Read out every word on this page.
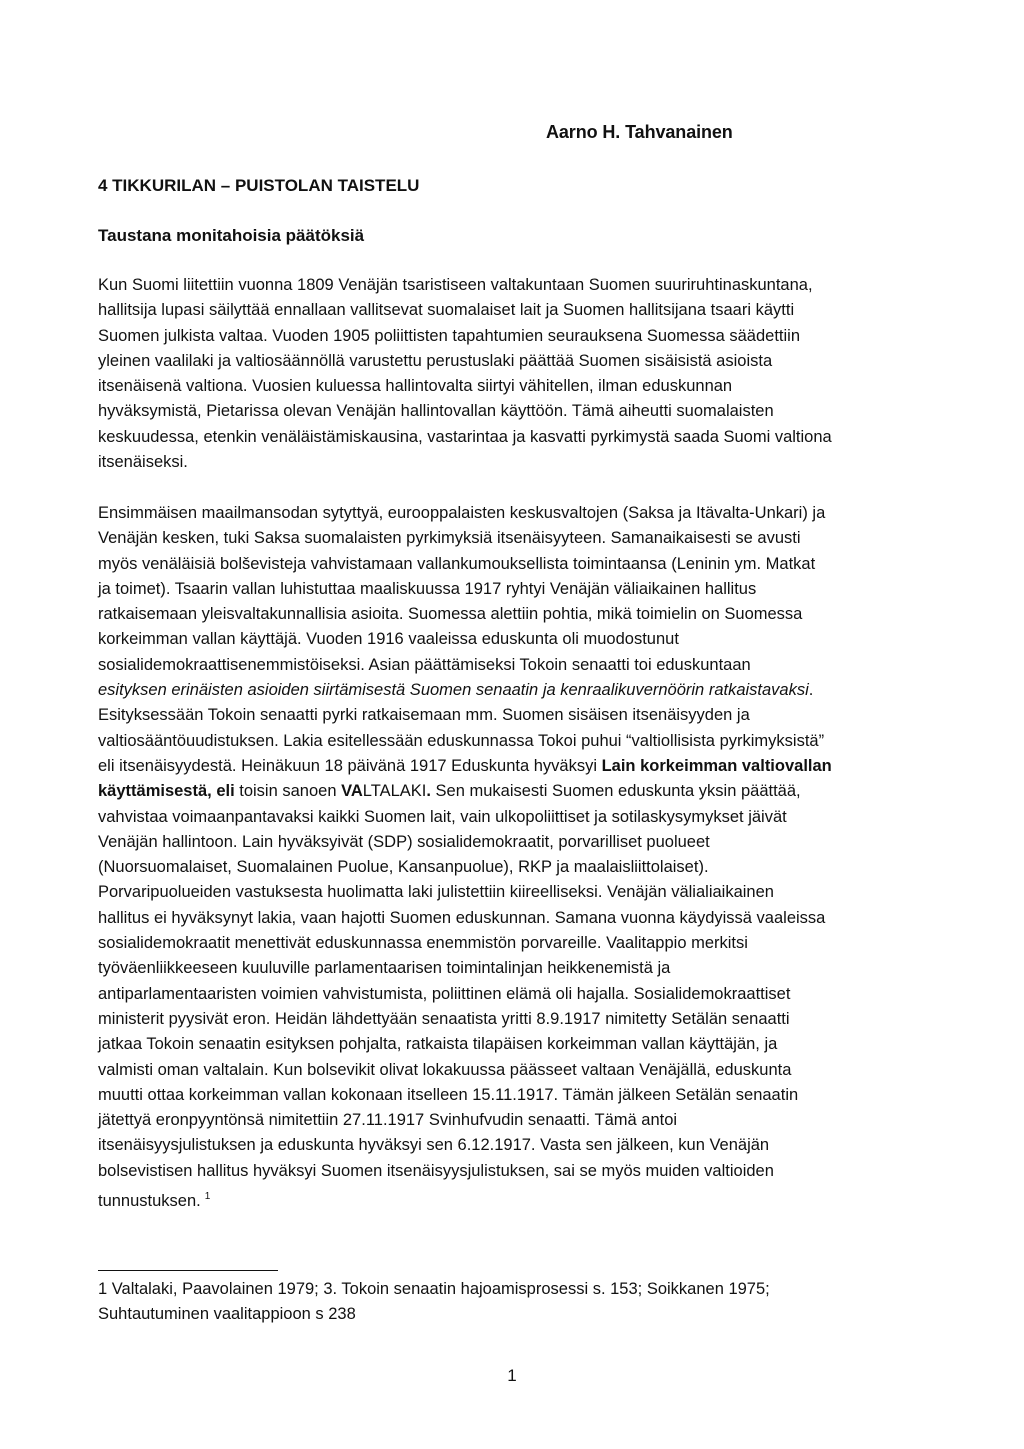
Aarno H. Tahvanainen
4 TIKKURILAN – PUISTOLAN TAISTELU
Taustana monitahoisia päätöksiä

Kun Suomi liitettiin vuonna 1809 Venäjän tsaristiseen valtakuntaan Suomen suuriruhtinaskuntana,
hallitsija lupasi säilyttää ennallaan vallitsevat suomalaiset lait ja Suomen hallitsijana tsaari käytti
Suomen julkista valtaa. Vuoden 1905 poliittisten tapahtumien seurauksena Suomessa säädettiin
yleinen vaalilaki ja valtiosäännöllä varustettu perustuslaki päättää Suomen sisäisistä asioista
itsenäisenä valtiona. Vuosien kuluessa hallintovalta siirtyi vähitellen, ilman eduskunnan
hyväksymistä, Pietarissa olevan Venäjän hallintovallan käyttöön. Tämä aiheutti suomalaisten
keskuudessa, etenkin venäläistämiskausina, vastarintaa ja kasvatti pyrkimystä saada Suomi valtiona
itsenäiseksi.

Ensimmäisen maailmansodan sytyttyä, eurooppalaisten keskusvaltojen (Saksa ja Itävalta-Unkari) ja
Venäjän kesken, tuki Saksa suomalaisten pyrkimyksiä itsenäisyyteen. Samanaikaisesti se avusti
myös venäläisiä bolševisteja vahvistamaan vallankumouksellista toimintaansa (Leninin ym. Matkat
ja toimet). Tsaarin vallan luhistuttaa maaliskuussa 1917 ryhtyi Venäjän väliaikainen hallitus
ratkaisemaan yleisvaltakunnallisia asioita. Suomessa alettiin pohtia, mikä toimielin on Suomessa
korkeimman vallan käyttäjä. Vuoden 1916 vaaleissa eduskunta oli muodostunut
sosialidemokraattisenemmistöiseksi. Asian päättämiseksi Tokoin senaatti toi eduskuntaan
esityksen erinäisten asioiden siirtämisestä Suomen senaatin ja kenraalikuvernöörin ratkaistavaksi.
Esityksessään Tokoin senaatti pyrki ratkaisemaan mm. Suomen sisäisen itsenäisyyden ja
valtiosääntöuudistuksen. Lakia esitellessään eduskunnassa Tokoi puhui “valtiollisista pyrkimyksistä”
eli itsenäisyydestä. Heinäkuun 18 päivänä 1917 Eduskunta hyväksyi Lain korkeimman valtiovallan
käyttämisestä, eli toisin sanoen VALTALAKI. Sen mukaisesti Suomen eduskunta yksin päättää,
vahvistaa voimaanpantavaksi kaikki Suomen lait, vain ulkopoliittiset ja sotilaskysymykset jäivät
Venäjän hallintoon. Lain hyväksyivät (SDP) sosialidemokraatit, porvarilliset puolueet
(Nuorsuomalaiset, Suomalainen Puolue, Kansanpuolue), RKP ja maalaisliittolaiset).
Porvaripuolueiden vastuksesta huolimatta laki julistettiin kiireelliseksi. Venäjän välialiaikainen
hallitus ei hyväksynyt lakia, vaan hajotti Suomen eduskunnan. Samana vuonna käydyissä vaaleissa
sosialidemokraatit menettivät eduskunnassa enemmistön porvareille. Vaalitappio merkitsi
työväenliikkeeseen kuuluville parlamentaarisen toimintalinjan heikkenemistä ja
antiparlamentaaristen voimien vahvistumista, poliittinen elämä oli hajalla. Sosialidemokraattiset
ministerit pyysivät eron. Heidän lähdettyään senaatista yritti 8.9.1917 nimitetty Setälän senaatti
jatkaa Tokoin senaatin esityksen pohjalta, ratkaista tilapäisen korkeimman vallan käyttäjän, ja
valmisti oman valtalain. Kun bolsevikit olivat lokakuussa päässeet valtaan Venäjällä, eduskunta
muutti ottaa korkeimman vallan kokonaan itselleen 15.11.1917. Tämän jälkeen Setälän senaatin
jätettyä eronpyyntönsä nimitettiin 27.11.1917 Svinhufvudin senaatti. Tämä antoi
itsenäisyysjulistuksen ja eduskunta hyväksyi sen 6.12.1917. Vasta sen jälkeen, kun Venäjän
bolsevistisen hallitus hyväksyi Suomen itsenäisyysjulistuksen, sai se myös muiden valtioiden
tunnustuksen. $^1$

1 Valtalaki, Paavolainen 1979; 3. Tokoin senaatin hajoamisprosessi s. 153; Soikkanen 1975;
Suhtautuminen vaalitappioon s 238

1
